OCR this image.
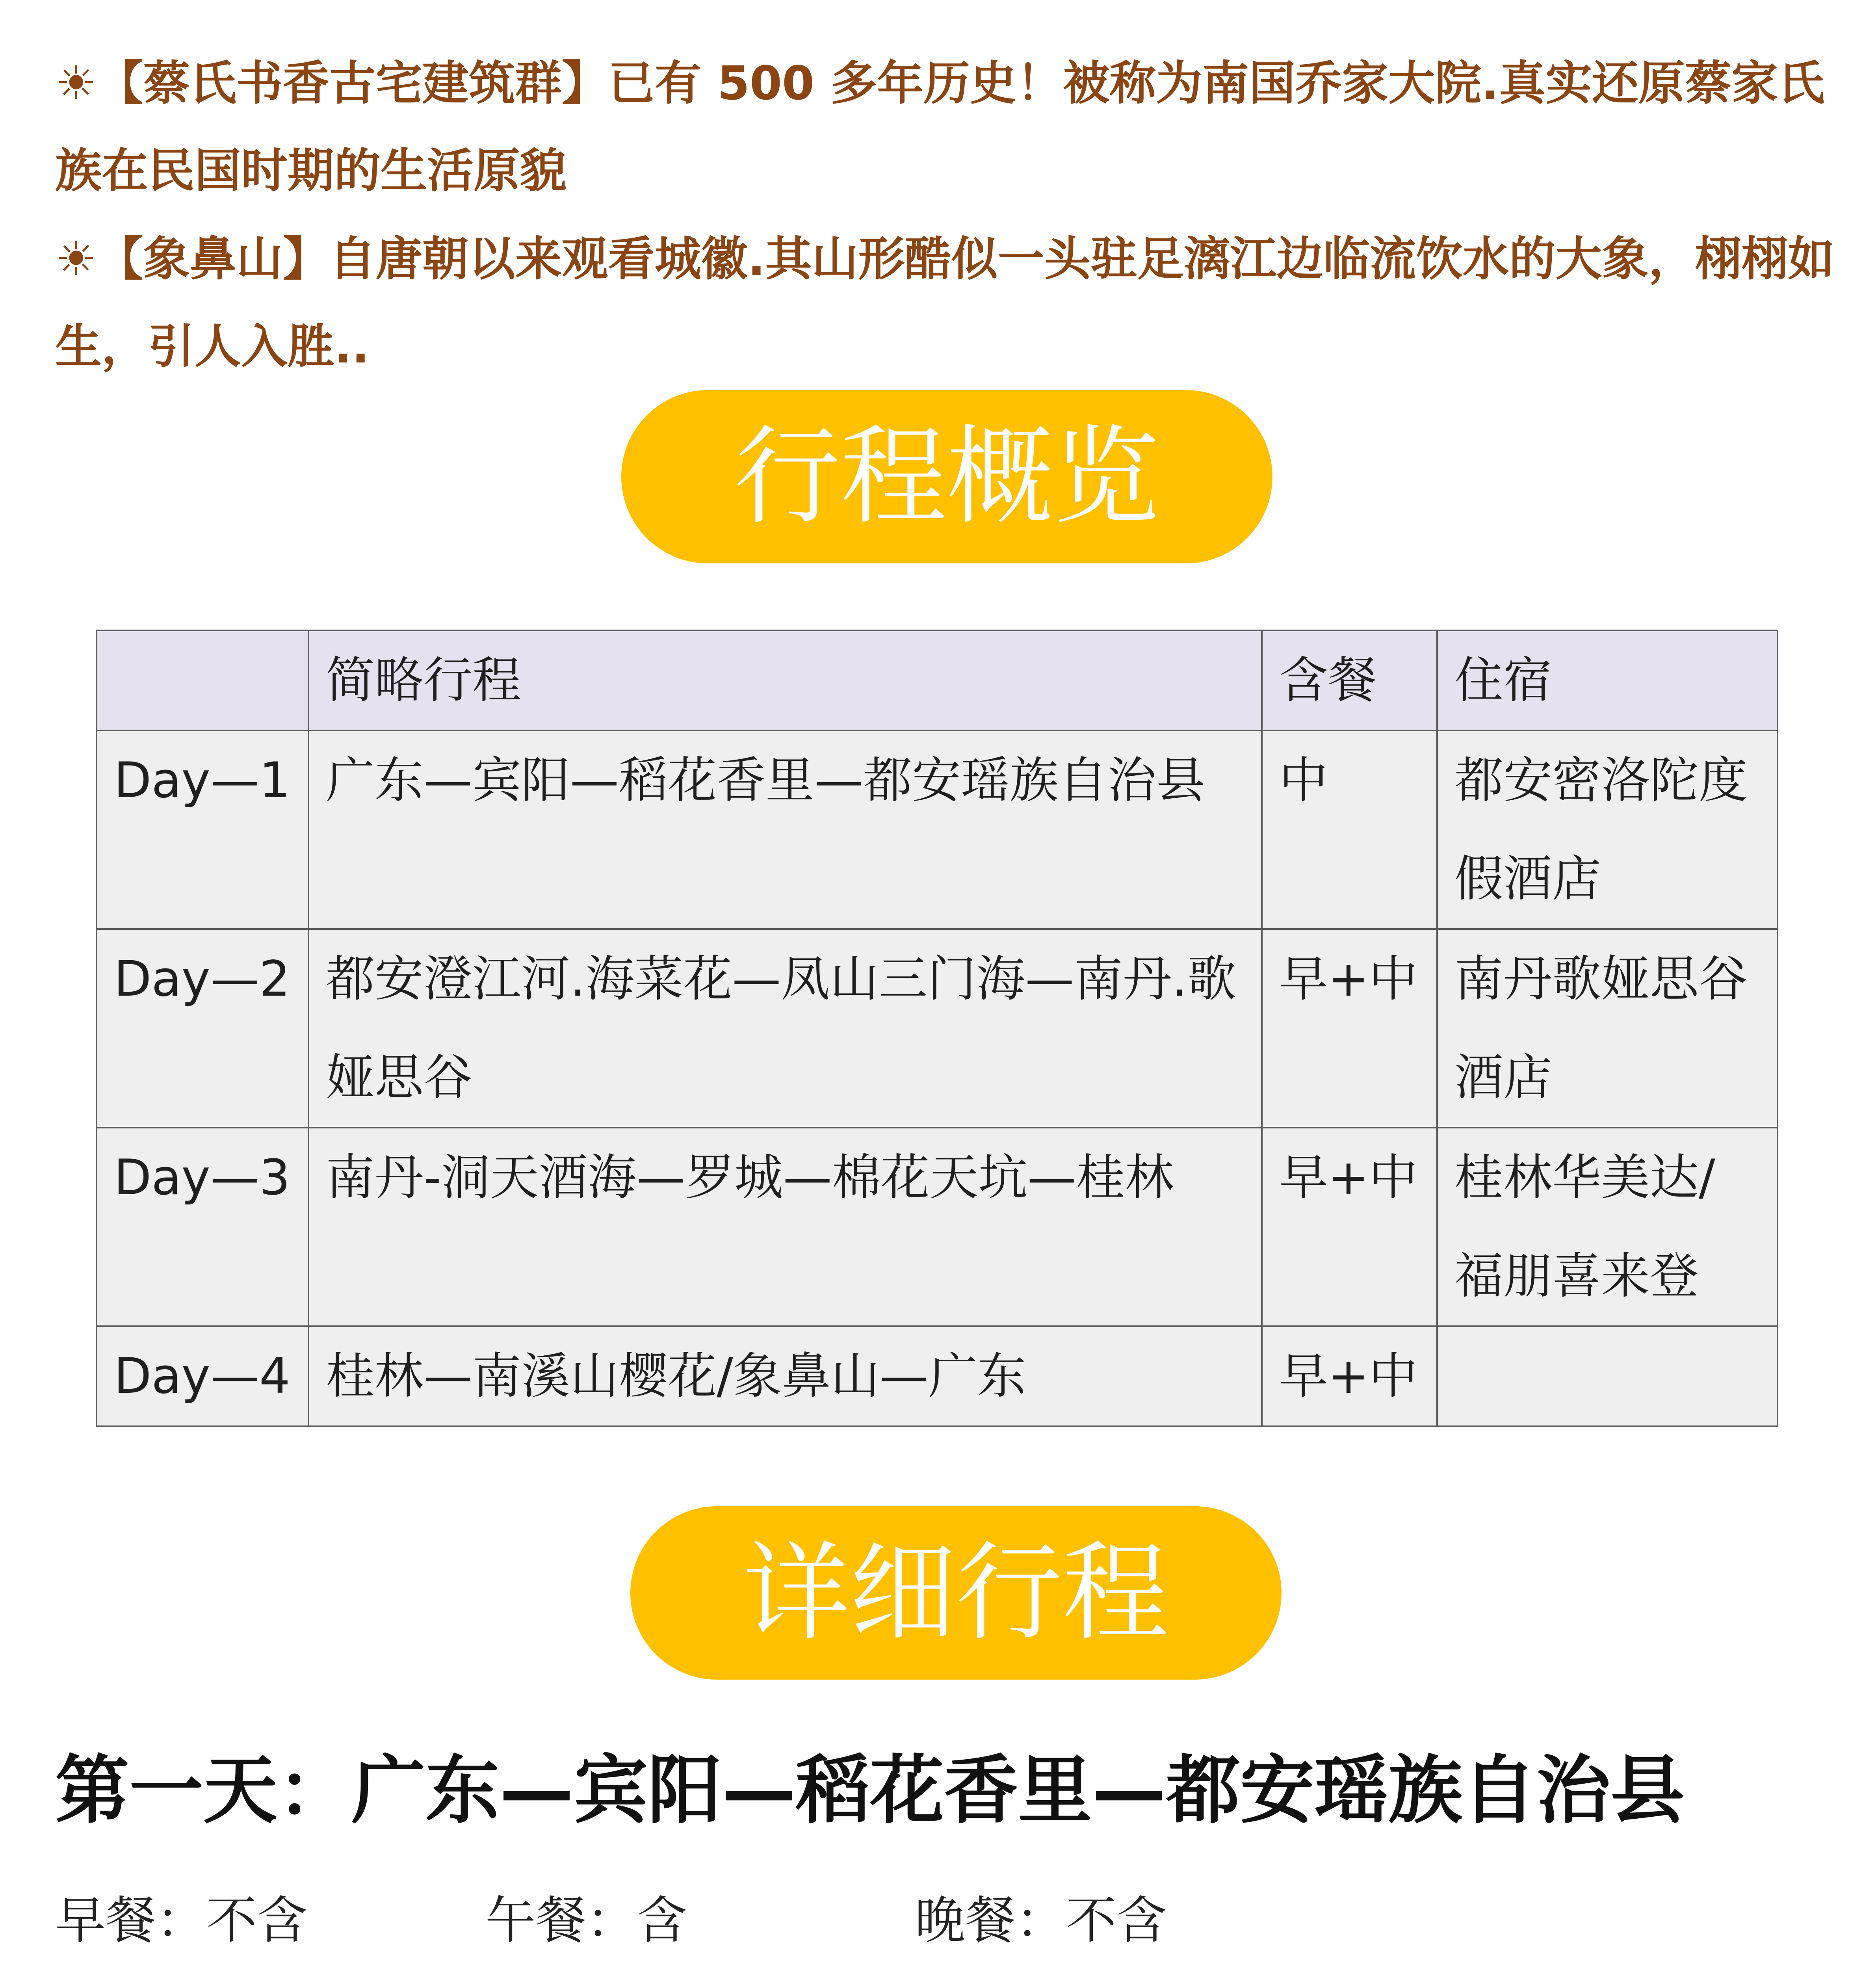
☀【蔡氏书香古宅建筑群】已有 500 多年历史！被称为南国乔家大院.真实还原蔡家氏族在民国时期的生活原貌
☀【象鼻山】自唐朝以来观看城徽.其山形酷似一头驻足漓江边临流饮水的大象，栩栩如生，引人入胜..
行程概览
	简略行程	含餐	住宿
Day—1	广东—宾阳—稻花香里—都安瑶族自治县	中	都安密洛陀度假酒店
Day—2	都安澄江河.海菜花—凤山三门海—南丹.歌娅思谷	早+中	南丹歌娅思谷酒店
Day—3	南丹-洞天酒海—罗城—棉花天坑—桂林	早+中	桂林华美达/福朋喜来登
Day—4	桂林—南溪山樱花/象鼻山—广东	早+中	
详细行程
第一天：广东—宾阳—稻花香里—都安瑶族自治县
早餐：不含	午餐：含	晚餐：不含
